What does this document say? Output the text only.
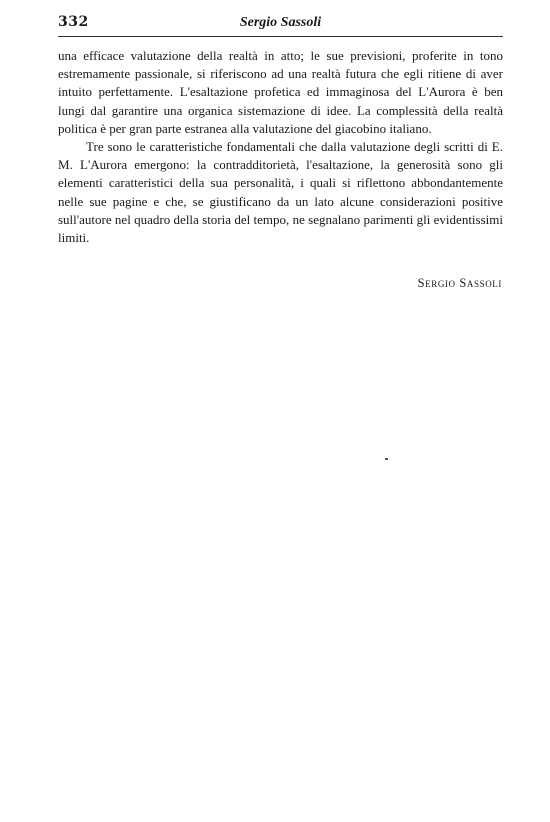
332	Sergio Sassoli

una efficace valutazione della realtà in atto; le sue previsioni, proferite in tono estremamente passionale, si riferiscono ad una realtà futura che egli ritiene di aver intuito perfettamente. L'esaltazione profetica ed immaginosa del L'Aurora è ben lungi dal garantire una organica sistemazione di idee. La complessità della realtà politica è per gran parte estranea alla valutazione del giacobino italiano.

Tre sono le caratteristiche fondamentali che dalla valutazione degli scritti di E. M. L'Aurora emergono: la contradditorietà, l'esaltazione, la generosità sono gli elementi caratteristici della sua personalità, i quali si riflettono abbondantemente nelle sue pagine e che, se giustificano da un lato alcune considerazioni positive sull'autore nel quadro della storia del tempo, ne segnalano parimenti gli evidentissimi limiti.

Sergio Sassoli
